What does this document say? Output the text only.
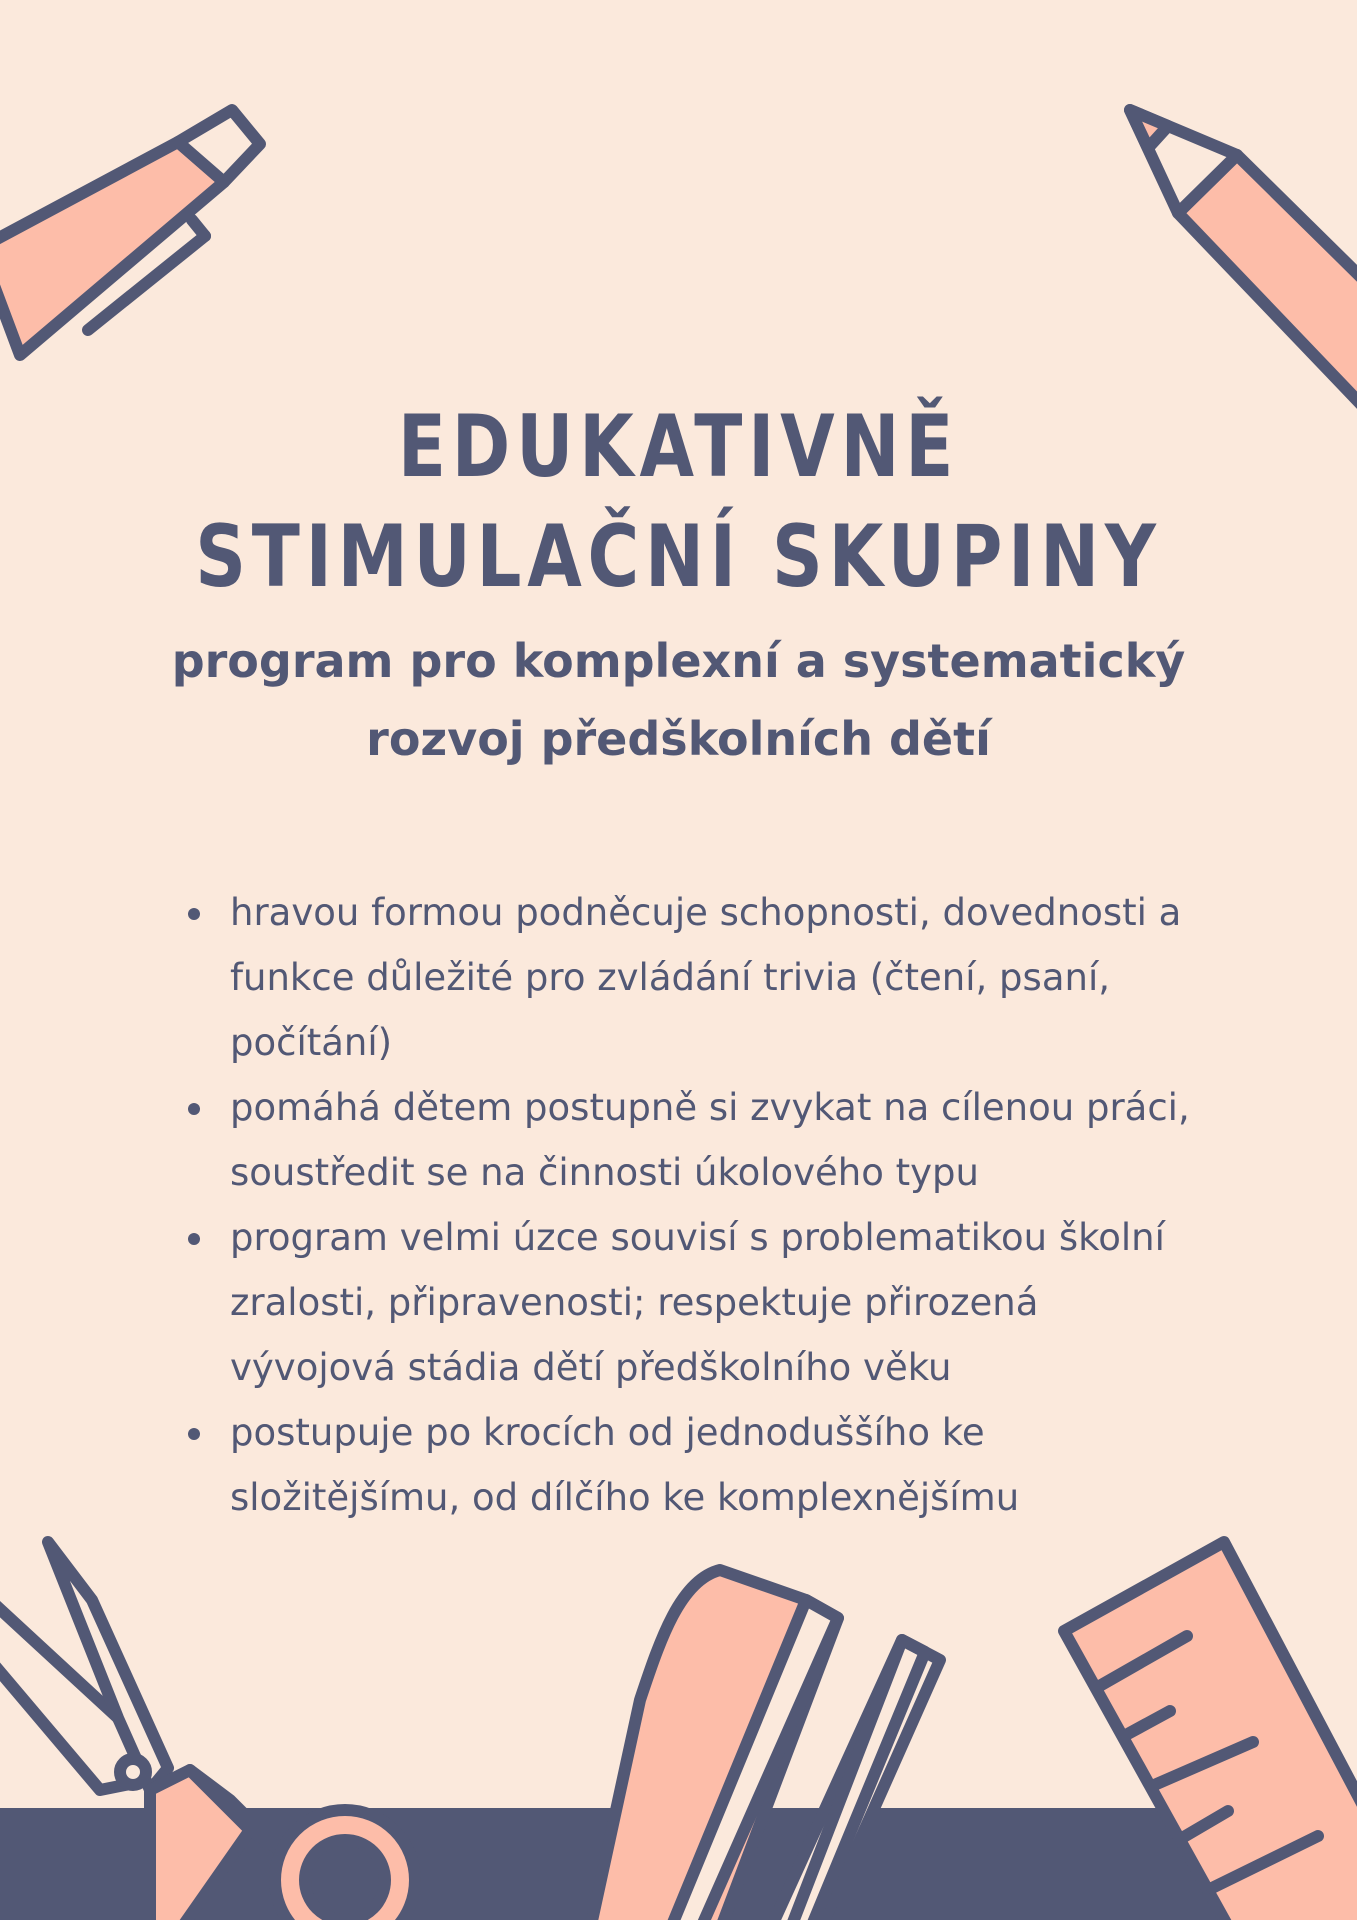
EDUKATIVNĚ STIMULAČNÍ SKUPINY
program pro komplexní a systematický rozvoj předškolních dětí
hravou formou podněcuje schopnosti, dovednosti a funkce důležité pro zvládání trivia (čtení, psaní, počítání)
pomáhá dětem postupně si zvykat na cílenou práci, soustředit se na činnosti úkolového typu
program velmi úzce souvisí s problematikou školní zralosti, připravenosti; respektuje přirozená vývojová stádia dětí předškolního věku
postupuje po krocích od jednoduššího ke složitějšímu, od dílčího ke komplexnějšímu
